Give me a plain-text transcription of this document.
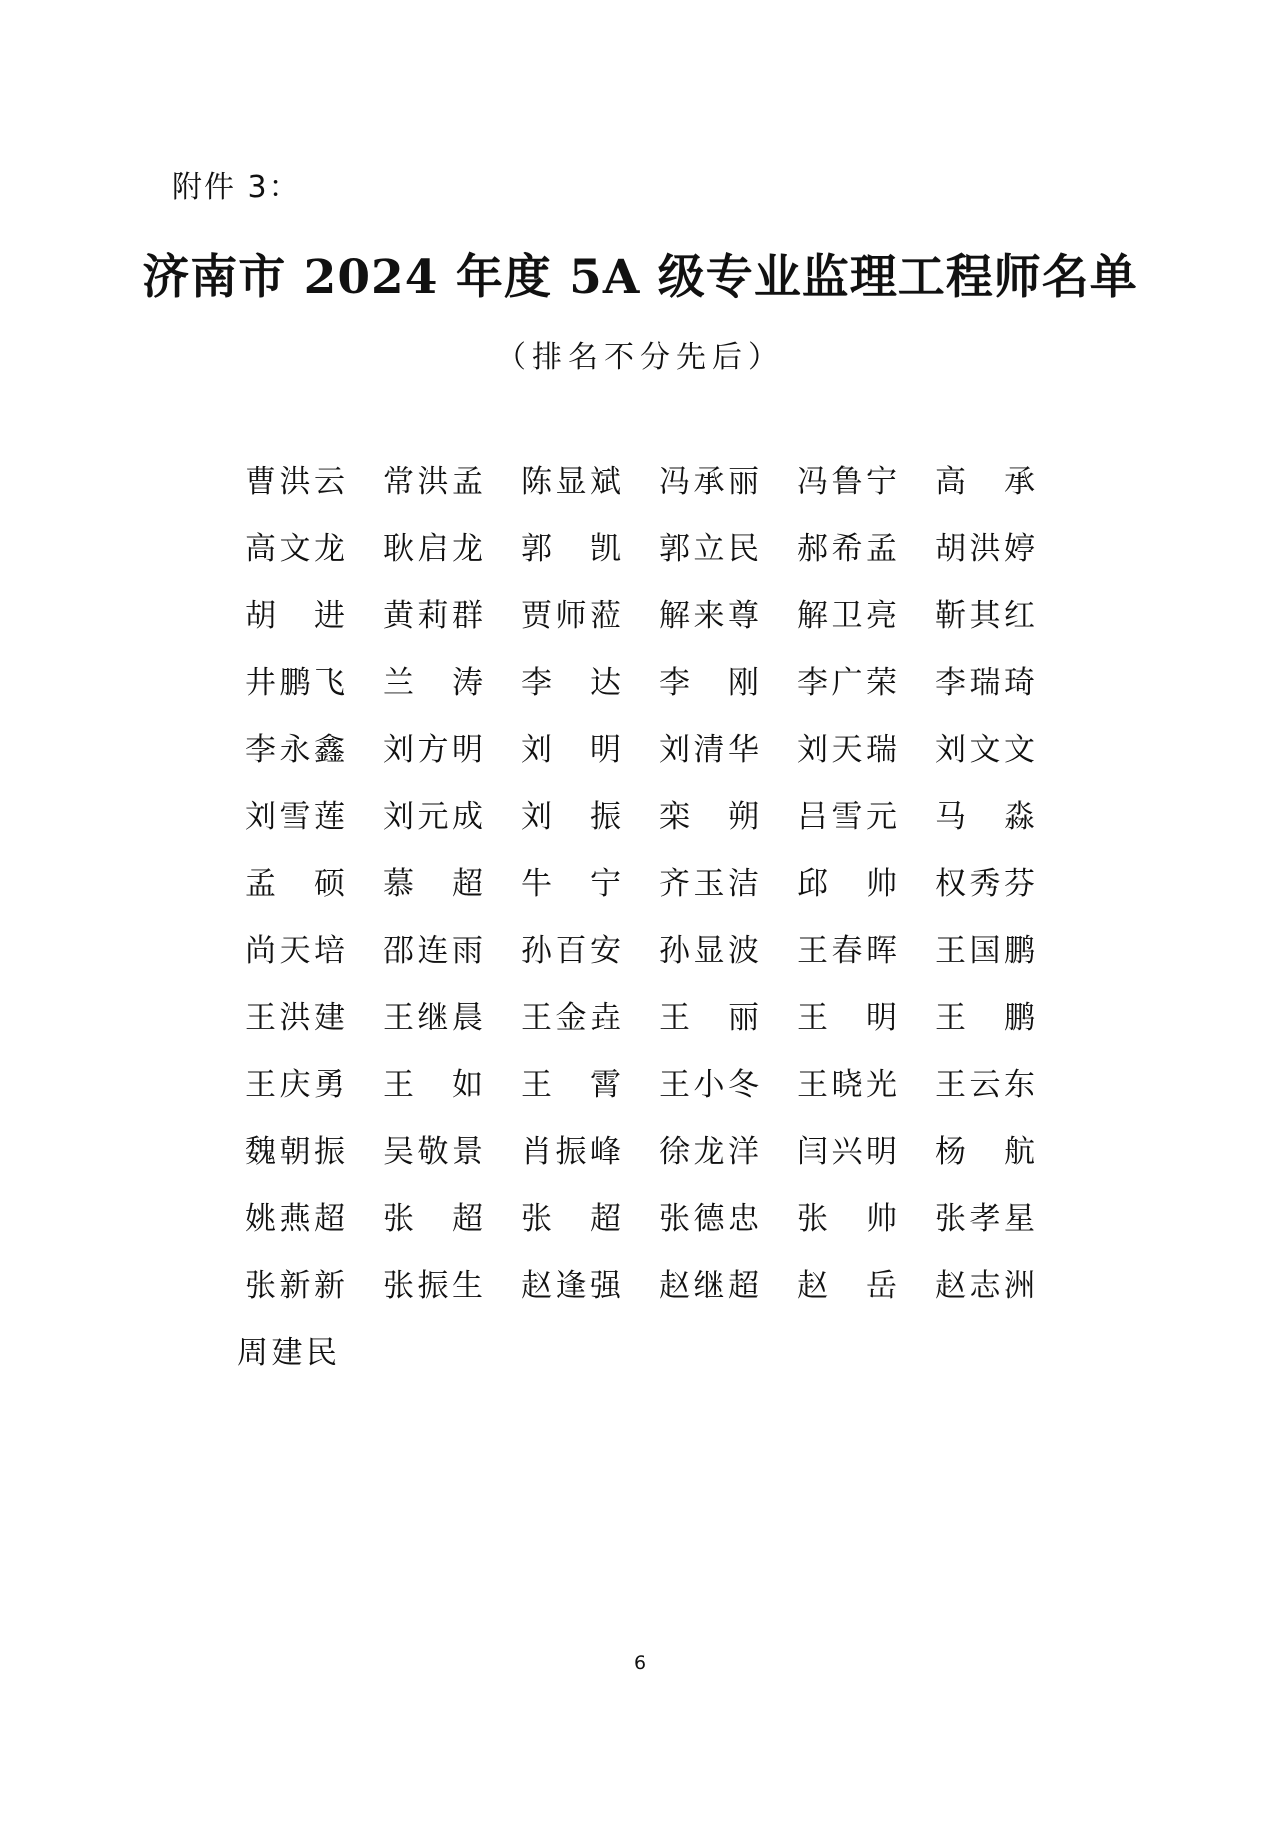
附件 3：
济南市 2024 年度 5A 级专业监理工程师名单
（排名不分先后）
曹 洪 云 常 洪 孟 陈 显 斌 冯 承 丽 冯 鲁 宁 高 承
高 文 龙 耿 启 龙 郭 凯 郭 立 民 郝 希 孟 胡 洪 婷
胡 进 黄 莉 群 贾 师 蒞 解 来 尊 解 卫 亮 靳 其 红
井 鹏 飞 兰 涛 李 达 李 刚 李 广 荣 李 瑞 琦
李 永 鑫 刘 方 明 刘 明 刘 清 华 刘 天 瑞 刘 文 文
刘 雪 莲 刘 元 成 刘 振 栾 朔 吕 雪 元 马 淼
孟 硕 慕 超 牛 宁 齐 玉 洁 邱 帅 权 秀 芬
尚 天 培 邵 连 雨 孙 百 安 孙 显 波 王 春 晖 王 国 鹏
王 洪 建 王 继 晨 王 金 垚 王 丽 王 明 王 鹏
王 庆 勇 王 如 王 霄 王 小 冬 王 晓 光 王 云 东
魏 朝 振 吴 敬 景 肖 振 峰 徐 龙 洋 闫 兴 明 杨 航
姚 燕 超 张 超 张 超 张 德 忠 张 帅 张 孝 星
张 新 新 张 振 生 赵 逢 强 赵 继 超 赵 岳 赵 志 洲
周 建 民
6
